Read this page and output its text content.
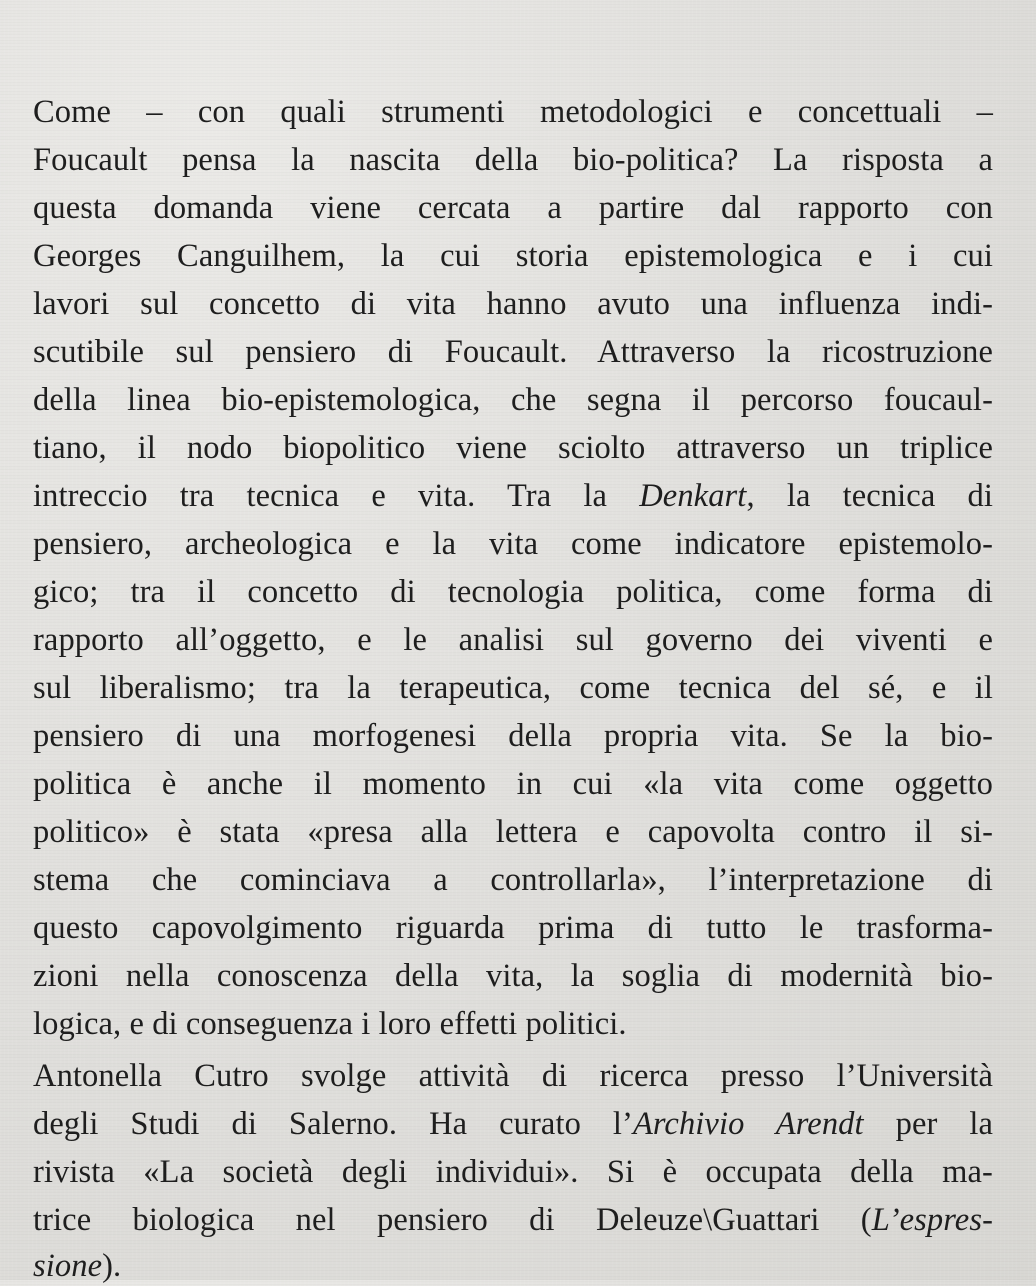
Come – con quali strumenti metodologici e concettuali –
Foucault pensa la nascita della bio-politica? La risposta a
questa domanda viene cercata a partire dal rapporto con
Georges Canguilhem, la cui storia epistemologica e i cui
lavori sul concetto di vita hanno avuto una influenza indi-
scutibile sul pensiero di Foucault. Attraverso la ricostruzione
della linea bio-epistemologica, che segna il percorso foucaul-
tiano, il nodo biopolitico viene sciolto attraverso un triplice
intreccio tra tecnica e vita. Tra la Denkart, la tecnica di
pensiero, archeologica e la vita come indicatore epistemolo-
gico; tra il concetto di tecnologia politica, come forma di
rapporto all’oggetto, e le analisi sul governo dei viventi e
sul liberalismo; tra la terapeutica, come tecnica del sé, e il
pensiero di una morfogenesi della propria vita. Se la bio-
politica è anche il momento in cui «la vita come oggetto
politico» è stata «presa alla lettera e capovolta contro il si-
stema che cominciava a controllarla», l’interpretazione di
questo capovolgimento riguarda prima di tutto le trasforma-
zioni nella conoscenza della vita, la soglia di modernità bio-
logica, e di conseguenza i loro effetti politici.
Antonella Cutro svolge attività di ricerca presso l’Università
degli Studi di Salerno. Ha curato l’Archivio Arendt per la
rivista «La società degli individui». Si è occupata della ma-
trice biologica nel pensiero di Deleuze\Guattari (L’espres-
sione).
